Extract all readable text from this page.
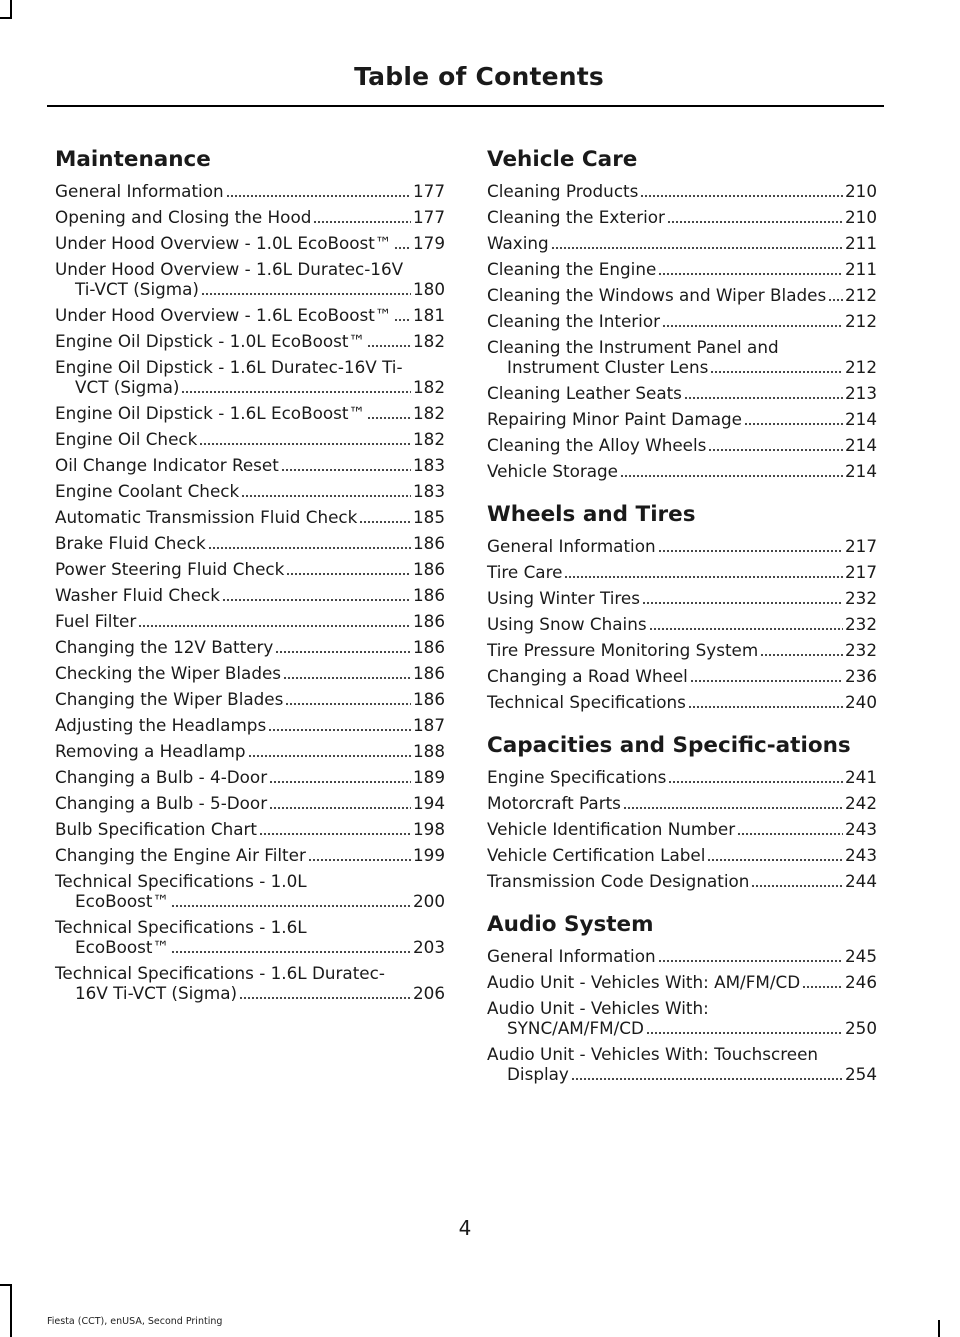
Table of Contents
Maintenance
General Information	177
Opening and Closing the Hood	177
Under Hood Overview - 1.0L EcoBoost™	179
Under Hood Overview - 1.6L Duratec-16V Ti-VCT (Sigma)	180
Under Hood Overview - 1.6L EcoBoost™	181
Engine Oil Dipstick - 1.0L EcoBoost™	182
Engine Oil Dipstick - 1.6L Duratec-16V Ti-VCT (Sigma)	182
Engine Oil Dipstick - 1.6L EcoBoost™	182
Engine Oil Check	182
Oil Change Indicator Reset	183
Engine Coolant Check	183
Automatic Transmission Fluid Check	185
Brake Fluid Check	186
Power Steering Fluid Check	186
Washer Fluid Check	186
Fuel Filter	186
Changing the 12V Battery	186
Checking the Wiper Blades	186
Changing the Wiper Blades	186
Adjusting the Headlamps	187
Removing a Headlamp	188
Changing a Bulb - 4-Door	189
Changing a Bulb - 5-Door	194
Bulb Specification Chart	198
Changing the Engine Air Filter	199
Technical Specifications - 1.0L EcoBoost™	200
Technical Specifications - 1.6L EcoBoost™	203
Technical Specifications - 1.6L Duratec-16V Ti-VCT (Sigma)	206
Vehicle Care
Cleaning Products	210
Cleaning the Exterior	210
Waxing	211
Cleaning the Engine	211
Cleaning the Windows and Wiper Blades	212
Cleaning the Interior	212
Cleaning the Instrument Panel and Instrument Cluster Lens	212
Cleaning Leather Seats	213
Repairing Minor Paint Damage	214
Cleaning the Alloy Wheels	214
Vehicle Storage	214
Wheels and Tires
General Information	217
Tire Care	217
Using Winter Tires	232
Using Snow Chains	232
Tire Pressure Monitoring System	232
Changing a Road Wheel	236
Technical Specifications	240
Capacities and Specific-ations
Engine Specifications	241
Motorcraft Parts	242
Vehicle Identification Number	243
Vehicle Certification Label	243
Transmission Code Designation	244
Audio System
General Information	245
Audio Unit - Vehicles With: AM/FM/CD	246
Audio Unit - Vehicles With: SYNC/AM/FM/CD	250
Audio Unit - Vehicles With: Touchscreen Display	254
4
Fiesta (CCT), enUSA, Second Printing
